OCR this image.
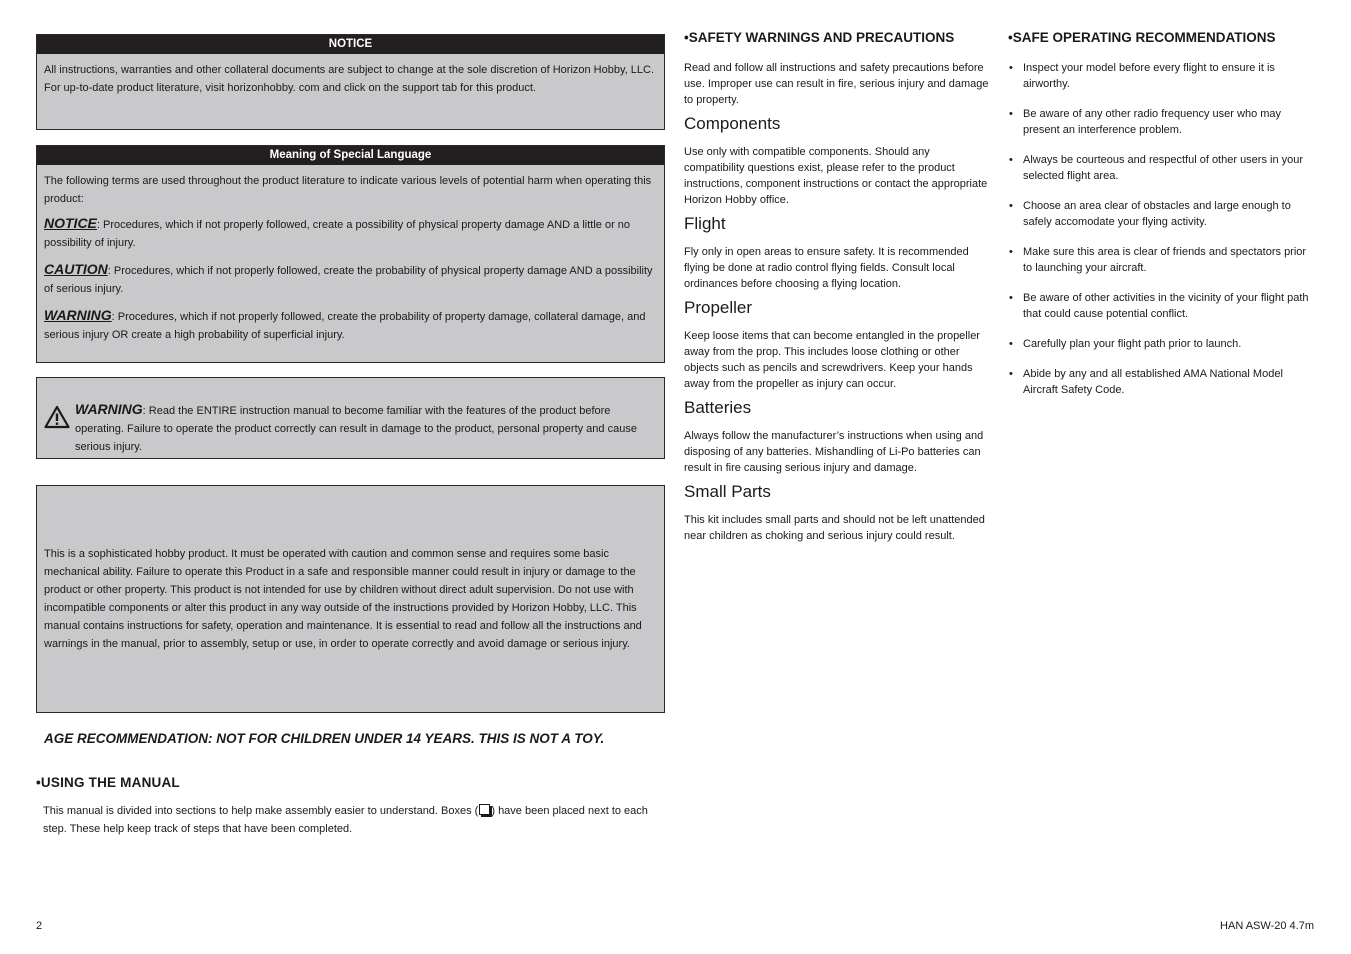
NOTICE

All instructions, warranties and other collateral documents are subject to change at the sole discretion of Horizon Hobby, LLC. For up-to-date product literature, visit horizonhobby. com and click on the support tab for this product.

Meaning of Special Language

The following terms are used throughout the product literature to indicate various levels of potential harm when operating this product:

NOTICE: Procedures, which if not properly followed, create a possibility of physical property damage AND a little or no possibility of injury.

CAUTION: Procedures, which if not properly followed, create the probability of physical property damage AND a possibility of serious injury.

WARNING: Procedures, which if not properly followed, create the probability of property damage, collateral damage, and serious injury OR create a high probability of superficial injury.

WARNING: Read the ENTIRE instruction manual to become familiar with the features of the product before operating. Failure to operate the product correctly can result in damage to the product, personal property and cause serious injury.

This is a sophisticated hobby product. It must be operated with caution and common sense and requires some basic mechanical ability. Failure to operate this Product in a safe and responsible manner could result in injury or damage to the product or other property. This product is not intended for use by children without direct adult supervision. Do not use with incompatible components or alter this product in any way outside of the instructions provided by Horizon Hobby, LLC. This manual contains instructions for safety, operation and maintenance. It is essential to read and follow all the instructions and warnings in the manual, prior to assembly, setup or use, in order to operate correctly and avoid damage or serious injury.

AGE RECOMMENDATION: NOT FOR CHILDREN UNDER 14 YEARS. THIS IS NOT A TOY.
•USING THE MANUAL

This manual is divided into sections to help make assembly easier to understand. Boxes ( ) have been placed next to each step. These help keep track of steps that have been completed.

•SAFETY WARNINGS AND PRECAUTIONS

Read and follow all instructions and safety precautions before use. Improper use can result in fire, serious injury and damage to property.

Components

Use only with compatible components. Should any compatibility questions exist, please refer to the product instructions, component instructions or contact the appropriate Horizon Hobby office.

Flight

Fly only in open areas to ensure safety. It is recommended flying be done at radio control flying fields. Consult local ordinances before choosing a flying location.

Propeller

Keep loose items that can become entangled in the propeller away from the prop. This includes loose clothing or other objects such as pencils and screwdrivers. Keep your hands away from the propeller as injury can occur.

Batteries

Always follow the manufacturer’s instructions when using and disposing of any batteries. Mishandling of Li-Po batteries can result in fire causing serious injury and damage.

Small Parts

This kit includes small parts and should not be left unattended near children as choking and serious injury could result.

•SAFE OPERATING RECOMMENDATIONS
• Inspect your model before every flight to ensure it is airworthy.
• Be aware of any other radio frequency user who may present an interference problem.
• Always be courteous and respectful of other users in your selected flight area.
• Choose an area clear of obstacles and large enough to safely accomodate your flying activity.
• Make sure this area is clear of friends and spectators prior to launching your aircraft.
• Be aware of other activities in the vicinity of your flight path that could cause potential conflict.
• Carefully plan your flight path prior to launch.
• Abide by any and all established AMA National Model Aircraft Safety Code.
2	HAN ASW-20 4.7m
